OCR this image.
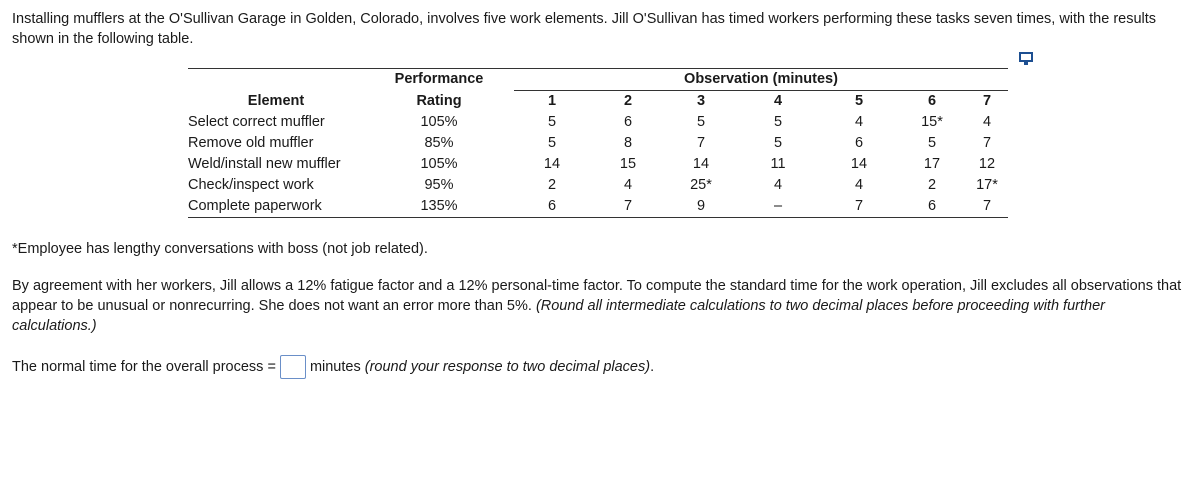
Installing mufflers at the O'Sullivan Garage in Golden, Colorado, involves five work elements. Jill O'Sullivan has timed workers performing these tasks seven times, with the results shown in the following table.

	Performance	Observation (minutes)						
Element	Rating	1	2	3	4	5	6	7
Select correct muffler	105%	5	6	5	5	4	15*	4
Remove old muffler	85%	5	8	7	5	6	5	7
Weld/install new muffler	105%	14	15	14	11	14	17	12
Check/inspect work	95%	2	4	25*	4	4	2	17*
Complete paperwork	135%	6	7	9	–	7	6	7

*Employee has lengthy conversations with boss (not job related).
By agreement with her workers, Jill allows a 12% fatigue factor and a 12% personal-time factor. To compute the standard time for the work operation, Jill excludes all observations that appear to be unusual or nonrecurring. She does not want an error more than 5%. (Round all intermediate calculations to two decimal places before proceeding with further calculations.)
The normal time for the overall process = minutes (round your response to two decimal places).
